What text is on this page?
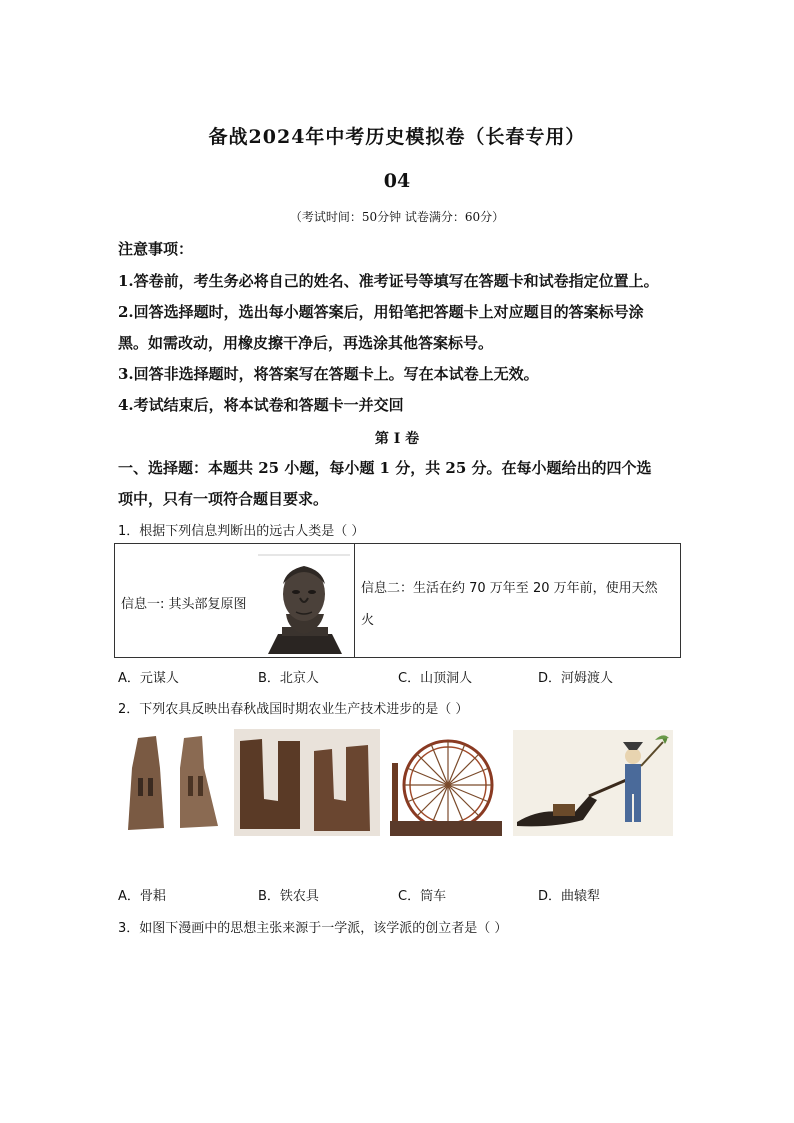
备战2024年中考历史模拟卷（长春专用）
04
（考试时间：50分钟 试卷满分：60分）
注意事项：
1.答卷前，考生务必将自己的姓名、准考证号等填写在答题卡和试卷指定位置上。
2.回答选择题时，选出每小题答案后，用铅笔把答题卡上对应题目的答案标号涂
黑。如需改动，用橡皮擦干净后，再选涂其他答案标号。
3.回答非选择题时，将答案写在答题卡上。写在本试卷上无效。
4.考试结束后，将本试卷和答题卡一并交回
第 I 卷
一、选择题：本题共 25 小题，每小题 1 分，共 25 分。在每小题给出的四个选
项中，只有一项符合题目要求。
1．根据下列信息判断出的远古人类是（ ）
信息一: 其头部复原图
信息二：生活在约 70 万年至 20 万年前，使用天然
火
A．元谋人	B．北京人	C．山顶洞人	D．河姆渡人
2．下列农具反映出春秋战国时期农业生产技术进步的是（ ）
A．骨耜	B．铁农具	C．筒车	D．曲辕犁
3．如图下漫画中的思想主张来源于一学派，该学派的创立者是（ ）
